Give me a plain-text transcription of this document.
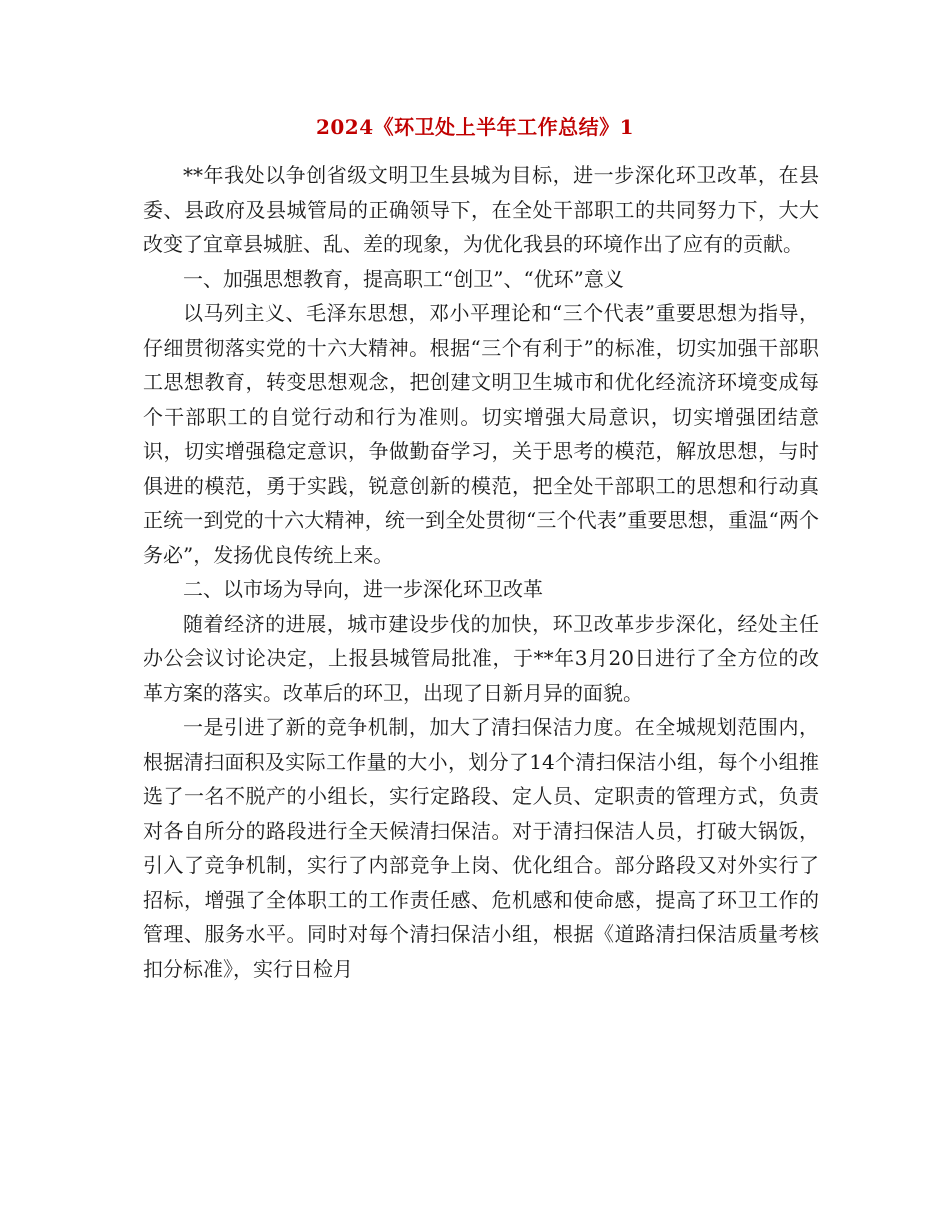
2024《环卫处上半年工作总结》1

**年我处以争创省级文明卫生县城为目标，进一步深化环卫改革，在县委、县政府及县城管局的正确领导下，在全处干部职工的共同努力下，大大改变了宜章县城脏、乱、差的现象，为优化我县的环境作出了应有的贡献。

一、加强思想教育，提高职工“创卫”、“优环”意义

以马列主义、毛泽东思想，邓小平理论和“三个代表”重要思想为指导，仔细贯彻落实党的十六大精神。根据“三个有利于”的标准，切实加强干部职工思想教育，转变思想观念，把创建文明卫生城市和优化经流济环境变成每个干部职工的自觉行动和行为准则。切实增强大局意识，切实增强团结意识，切实增强稳定意识，争做勤奋学习，关于思考的模范，解放思想，与时俱进的模范，勇于实践，锐意创新的模范，把全处干部职工的思想和行动真正统一到党的十六大精神，统一到全处贯彻“三个代表”重要思想，重温“两个务必”，发扬优良传统上来。

二、以市场为导向，进一步深化环卫改革

随着经济的进展，城市建设步伐的加快，环卫改革步步深化，经处主任办公会议讨论决定，上报县城管局批准，于**年3月20日进行了全方位的改革方案的落实。改革后的环卫，出现了日新月异的面貌。

一是引进了新的竞争机制，加大了清扫保洁力度。在全城规划范围内，根据清扫面积及实际工作量的大小，划分了14个清扫保洁小组，每个小组推选了一名不脱产的小组长，实行定路段、定人员、定职责的管理方式，负责对各自所分的路段进行全天候清扫保洁。对于清扫保洁人员，打破大锅饭，引入了竞争机制，实行了内部竞争上岗、优化组合。部分路段又对外实行了招标，增强了全体职工的工作责任感、危机感和使命感，提高了环卫工作的管理、服务水平。同时对每个清扫保洁小组，根据《道路清扫保洁质量考核扣分标准》，实行日检月
